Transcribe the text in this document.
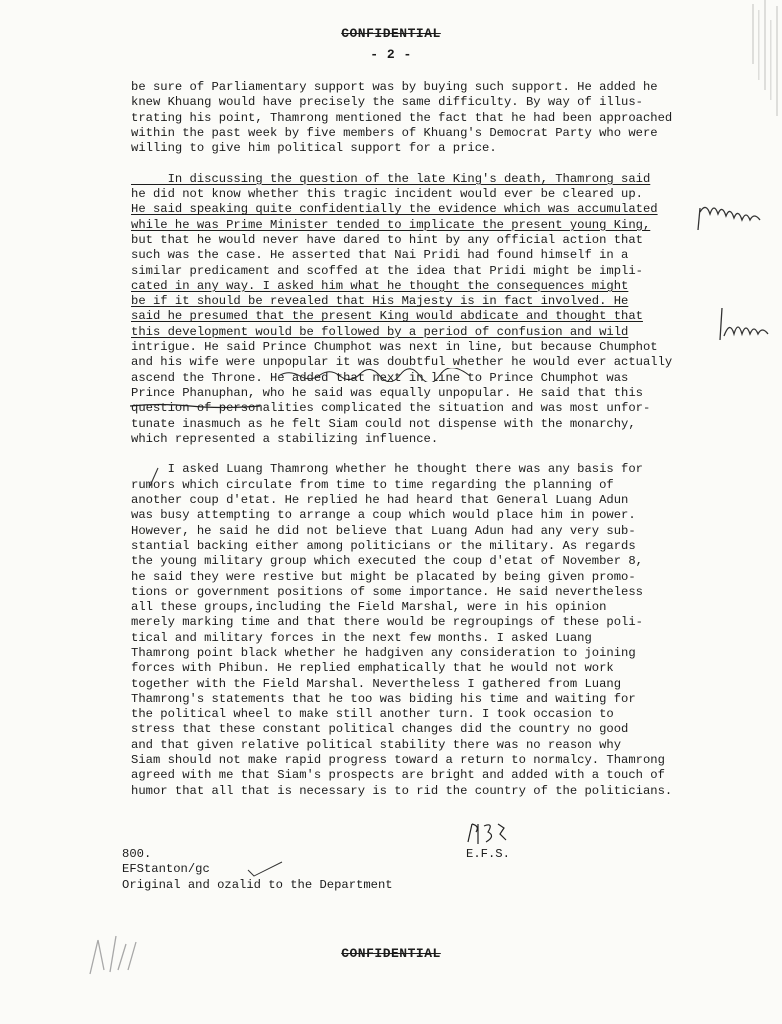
CONFIDENTIAL
- 2 -
be sure of Parliamentary support was by buying such support. He added he
knew Khuang would have precisely the same difficulty. By way of illus-
trating his point, Thamrong mentioned the fact that he had been approached
within the past week by five members of Khuang's Democrat Party who were
willing to give him political support for a price.
In discussing the question of the late King's death, Thamrong said
he did not know whether this tragic incident would ever be cleared up.
He said speaking quite confidentially the evidence which was accumulated
while he was Prime Minister tended to implicate the present young King,
but that he would never have dared to hint by any official action that
such was the case. He asserted that Nai Pridi had found himself in a
similar predicament and scoffed at the idea that Pridi might be impli-
cated in any way. I asked him what he thought the consequences might
be if it should be revealed that His Majesty is in fact involved. He
said he presumed that the present King would abdicate and thought that
this development would be followed by a period of confusion and wild
intrigue. He said Prince Chumphot was next in line, but because Chumphot
and his wife were unpopular it was doubtful whether he would ever actually
ascend the Throne. He added that next in line to Prince Chumphot was
Prince Phanuphan, who he said was equally unpopular. He said that this
question of personalities complicated the situation and was most unfor-
tunate inasmuch as he felt Siam could not dispense with the monarchy,
which represented a stabilizing influence.
I asked Luang Thamrong whether he thought there was any basis for
rumors which circulate from time to time regarding the planning of
another coup d'etat. He replied he had heard that General Luang Adun
was busy attempting to arrange a coup which would place him in power.
However, he said he did not believe that Luang Adun had any very sub-
stantial backing either among politicians or the military. As regards
the young military group which executed the coup d'etat of November 8,
he said they were restive but might be placated by being given promo-
tions or government positions of some importance. He said nevertheless
all these groups,including the Field Marshal, were in his opinion
merely marking time and that there would be regroupings of these poli-
tical and military forces in the next few months. I asked Luang
Thamrong point black whether he hadgiven any consideration to joining
forces with Phibun. He replied emphatically that he would not work
together with the Field Marshal. Nevertheless I gathered from Luang
Thamrong's statements that he too was biding his time and waiting for
the political wheel to make still another turn. I took occasion to
stress that these constant political changes did the country no good
and that given relative political stability there was no reason why
Siam should not make rapid progress toward a return to normalcy. Thamrong
agreed with me that Siam's prospects are bright and added with a touch of
humor that all that is necessary is to rid the country of the politicians.
E.F.S.
800.
EFStanton/gc
Original and ozalid to the Department
CONFIDENTIAL
